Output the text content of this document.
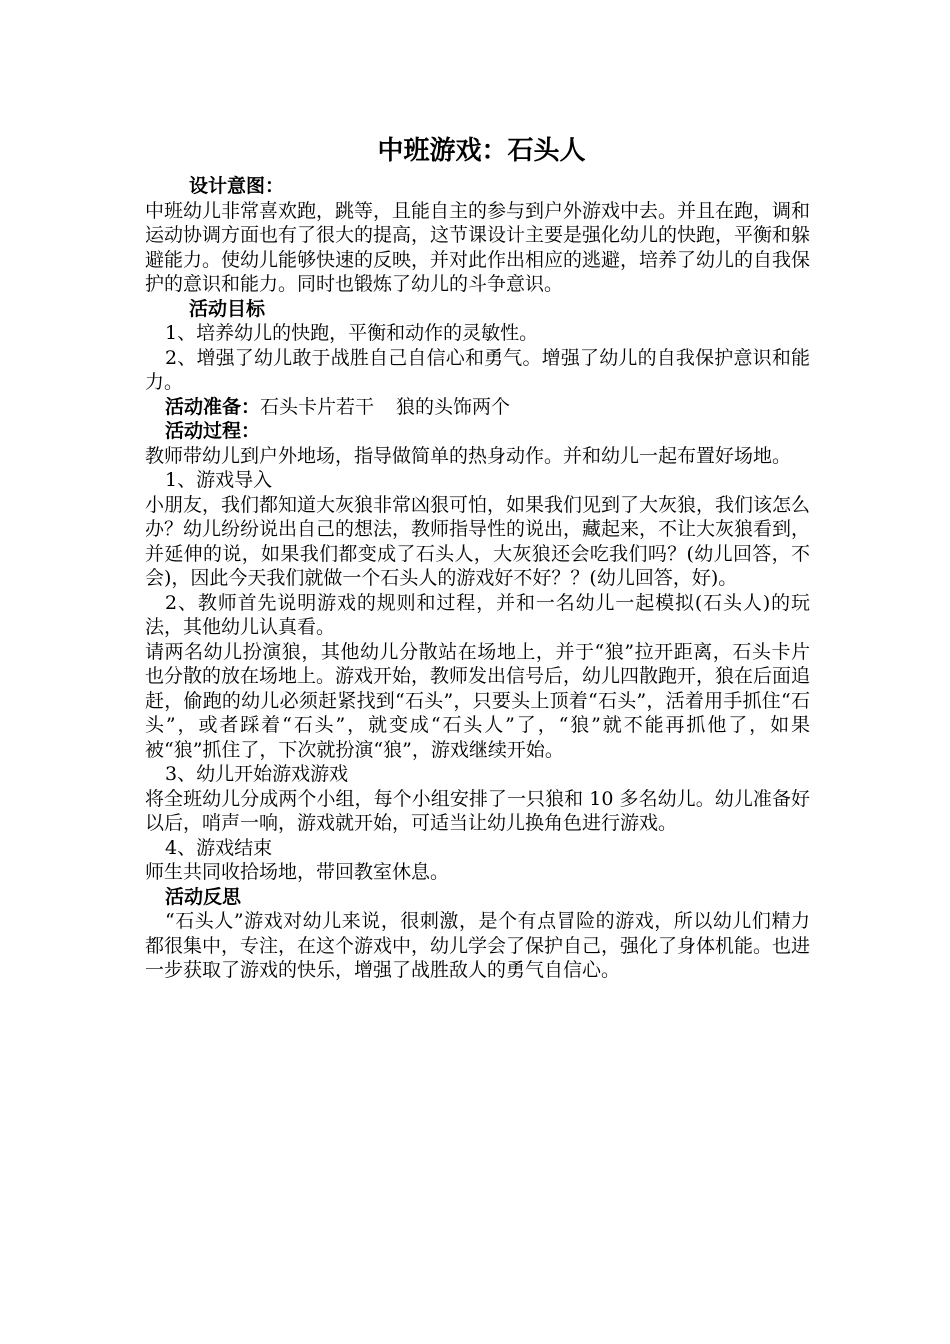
中班游戏：石头人

设计意图：

中班幼儿非常喜欢跑，跳等，且能自主的参与到户外游戏中去。并且在跑，调和运动协调方面也有了很大的提高，这节课设计主要是强化幼儿的快跑，平衡和躲避能力。使幼儿能够快速的反映，并对此作出相应的逃避，培养了幼儿的自我保护的意识和能力。同时也锻炼了幼儿的斗争意识。

活动目标

1、培养幼儿的快跑，平衡和动作的灵敏性。

2、增强了幼儿敢于战胜自己自信心和勇气。增强了幼儿的自我保护意识和能力。

活动准备：石头卡片若干 狼的头饰两个

活动过程：

教师带幼儿到户外地场，指导做简单的热身动作。并和幼儿一起布置好场地。

1、游戏导入

小朋友，我们都知道大灰狼非常凶狠可怕，如果我们见到了大灰狼，我们该怎么办？幼儿纷纷说出自己的想法，教师指导性的说出，藏起来，不让大灰狼看到，并延伸的说，如果我们都变成了石头人，大灰狼还会吃我们吗？(幼儿回答，不会)，因此今天我们就做一个石头人的游戏好不好？？(幼儿回答，好)。

2、教师首先说明游戏的规则和过程，并和一名幼儿一起模拟(石头人)的玩法，其他幼儿认真看。

请两名幼儿扮演狼，其他幼儿分散站在场地上，并于“狼”拉开距离，石头卡片也分散的放在场地上。游戏开始，教师发出信号后，幼儿四散跑开，狼在后面追赶，偷跑的幼儿必须赶紧找到“石头”，只要头上顶着“石头”，活着用手抓住“石头”，或者踩着“石头”，就变成“石头人”了，“狼”就不能再抓他了，如果被“狼”抓住了，下次就扮演“狼”，游戏继续开始。

3、幼儿开始游戏游戏

将全班幼儿分成两个小组，每个小组安排了一只狼和 10 多名幼儿。幼儿准备好以后，哨声一响，游戏就开始，可适当让幼儿换角色进行游戏。

4、游戏结束

师生共同收拾场地，带回教室休息。

活动反思

“石头人”游戏对幼儿来说，很刺激，是个有点冒险的游戏，所以幼儿们精力都很集中，专注，在这个游戏中，幼儿学会了保护自己，强化了身体机能。也进一步获取了游戏的快乐，增强了战胜敌人的勇气自信心。
